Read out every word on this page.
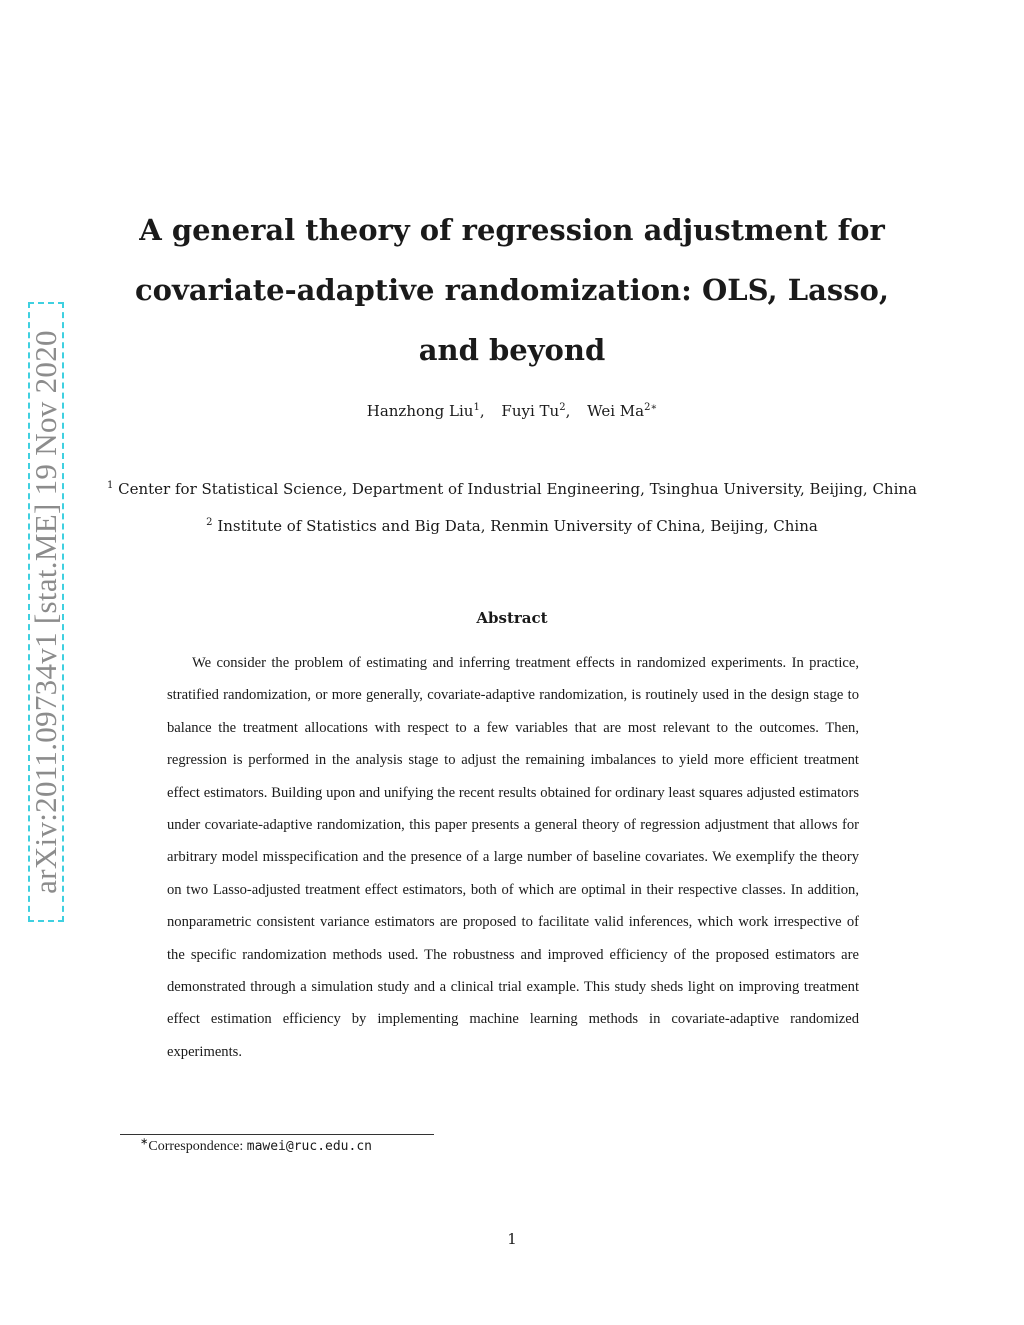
arXiv:2011.09734v1 [stat.ME] 19 Nov 2020
A general theory of regression adjustment for covariate-adaptive randomization: OLS, Lasso, and beyond
Hanzhong Liu$^1$, Fuyi Tu$^2$, Wei $Ma^{2∗}$
$^1$ Center for Statistical Science, Department of Industrial Engineering, Tsinghua University, Beijing, China
$^2$ Institute of Statistics and Big Data, Renmin University of China, Beijing, China
Abstract
We consider the problem of estimating and inferring treatment effects in randomized experiments. In practice, stratified randomization, or more generally, covariate-adaptive randomization, is routinely used in the design stage to balance the treatment allocations with respect to a few variables that are most relevant to the outcomes. Then, regression is performed in the analysis stage to adjust the remaining imbalances to yield more efficient treatment effect estimators. Building upon and unifying the recent results obtained for ordinary least squares adjusted estimators under covariate-adaptive randomization, this paper presents a general theory of regression adjustment that allows for arbitrary model misspecification and the presence of a large number of baseline covariates. We exemplify the theory on two Lasso-adjusted treatment effect estimators, both of which are optimal in their respective classes. In addition, nonparametric consistent variance estimators are proposed to facilitate valid inferences, which work irrespective of the specific randomization methods used. The robustness and improved efficiency of the proposed estimators are demonstrated through a simulation study and a clinical trial example. This study sheds light on improving treatment effect estimation efficiency by implementing machine learning methods in covariate-adaptive randomized experiments.
∗Correspondence: mawei@ruc.edu.cn
1
